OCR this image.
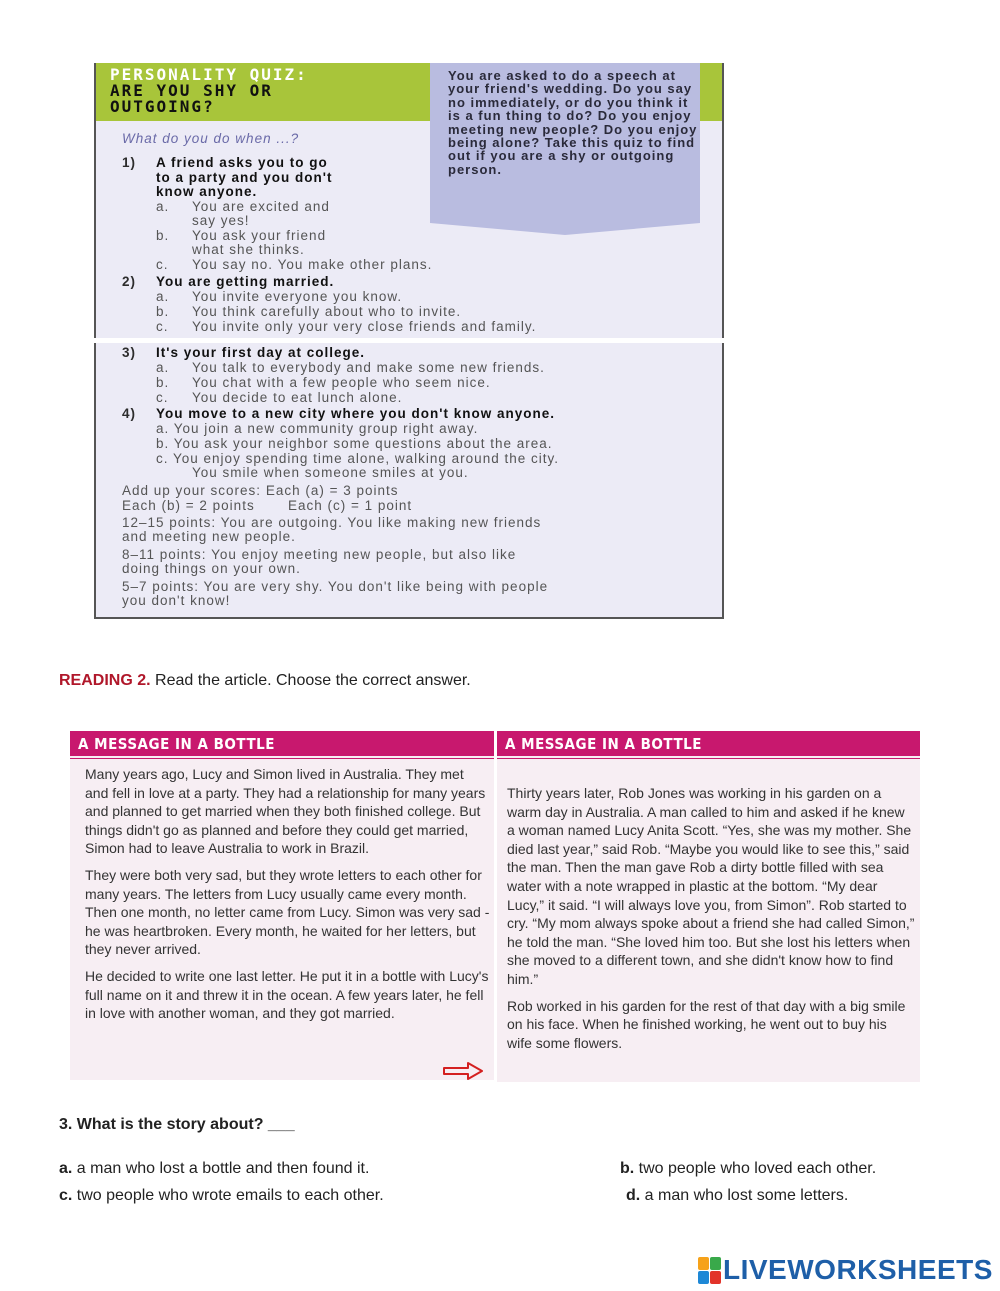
PERSONALITY QUIZ:
ARE YOU SHY OR
OUTGOING?

You are asked to do a speech at your friend's wedding. Do you say no immediately, or do you think it is a fun thing to do? Do you enjoy meeting new people? Do you enjoy being alone? Take this quiz to find out if you are a shy or outgoing person.

What do you do when ...?
1) A friend asks you to go
to a party and you don't
know anyone.
a. You are excited and
say yes!
b. You ask your friend
what she thinks.
c. You say no. You make other plans.
2) You are getting married.
a. You invite everyone you know.
b. You think carefully about who to invite.
c. You invite only your very close friends and family.
3) It's your first day at college.
a. You talk to everybody and make some new friends.
b. You chat with a few people who seem nice.
c. You decide to eat lunch alone.
4) You move to a new city where you don't know anyone.
a. You join a new community group right away.
b. You ask your neighbor some questions about the area.
c. You enjoy spending time alone, walking around the city.
You smile when someone smiles at you.
Add up your scores: Each (a) = 3 points
Each (b) = 2 points       Each (c) = 1 point
12–15 points: You are outgoing. You like making new friends
and meeting new people.
8–11 points: You enjoy meeting new people, but also like
doing things on your own.
5–7 points: You are very shy. You don't like being with people
you don't know!
READING 2. Read the article. Choose the correct answer.
A MESSAGE IN A BOTTLE

Many years ago, Lucy and Simon lived in Australia. They met and fell in love at a party. They had a relationship for many years and planned to get married when they both finished college. But things didn't go as planned and before they could get married, Simon had to leave Australia to work in Brazil.

They were both very sad, but they wrote letters to each other for many years. The letters from Lucy usually came every month. Then one month, no letter came from Lucy. Simon was very sad - he was heartbroken. Every month, he waited for her letters, but they never arrived.

He decided to write one last letter. He put it in a bottle with Lucy's full name on it and threw it in the ocean. A few years later, he fell in love with another woman, and they got married.

A MESSAGE IN A BOTTLE

Thirty years later, Rob Jones was working in his garden on a warm day in Australia. A man called to him and asked if he knew a woman named Lucy Anita Scott. “Yes, she was my mother. She died last year,” said Rob. “Maybe you would like to see this,” said the man. Then the man gave Rob a dirty bottle filled with sea water with a note wrapped in plastic at the bottom. “My dear Lucy,” it said. “I will always love you, from Simon”. Rob started to cry. “My mom always spoke about a friend she had called Simon,” he told the man. “She loved him too. But she lost his letters when she moved to a different town, and she didn't know how to find him.”

Rob worked in his garden for the rest of that day with a big smile on his face. When he finished working, he went out to buy his wife some flowers.

3. What is the story about? ___
a. a man who lost a bottle and then found it.	b. two people who loved each other.
c. two people who wrote emails to each other.	d. a man who lost some letters.
LIVEWORKSHEETS
